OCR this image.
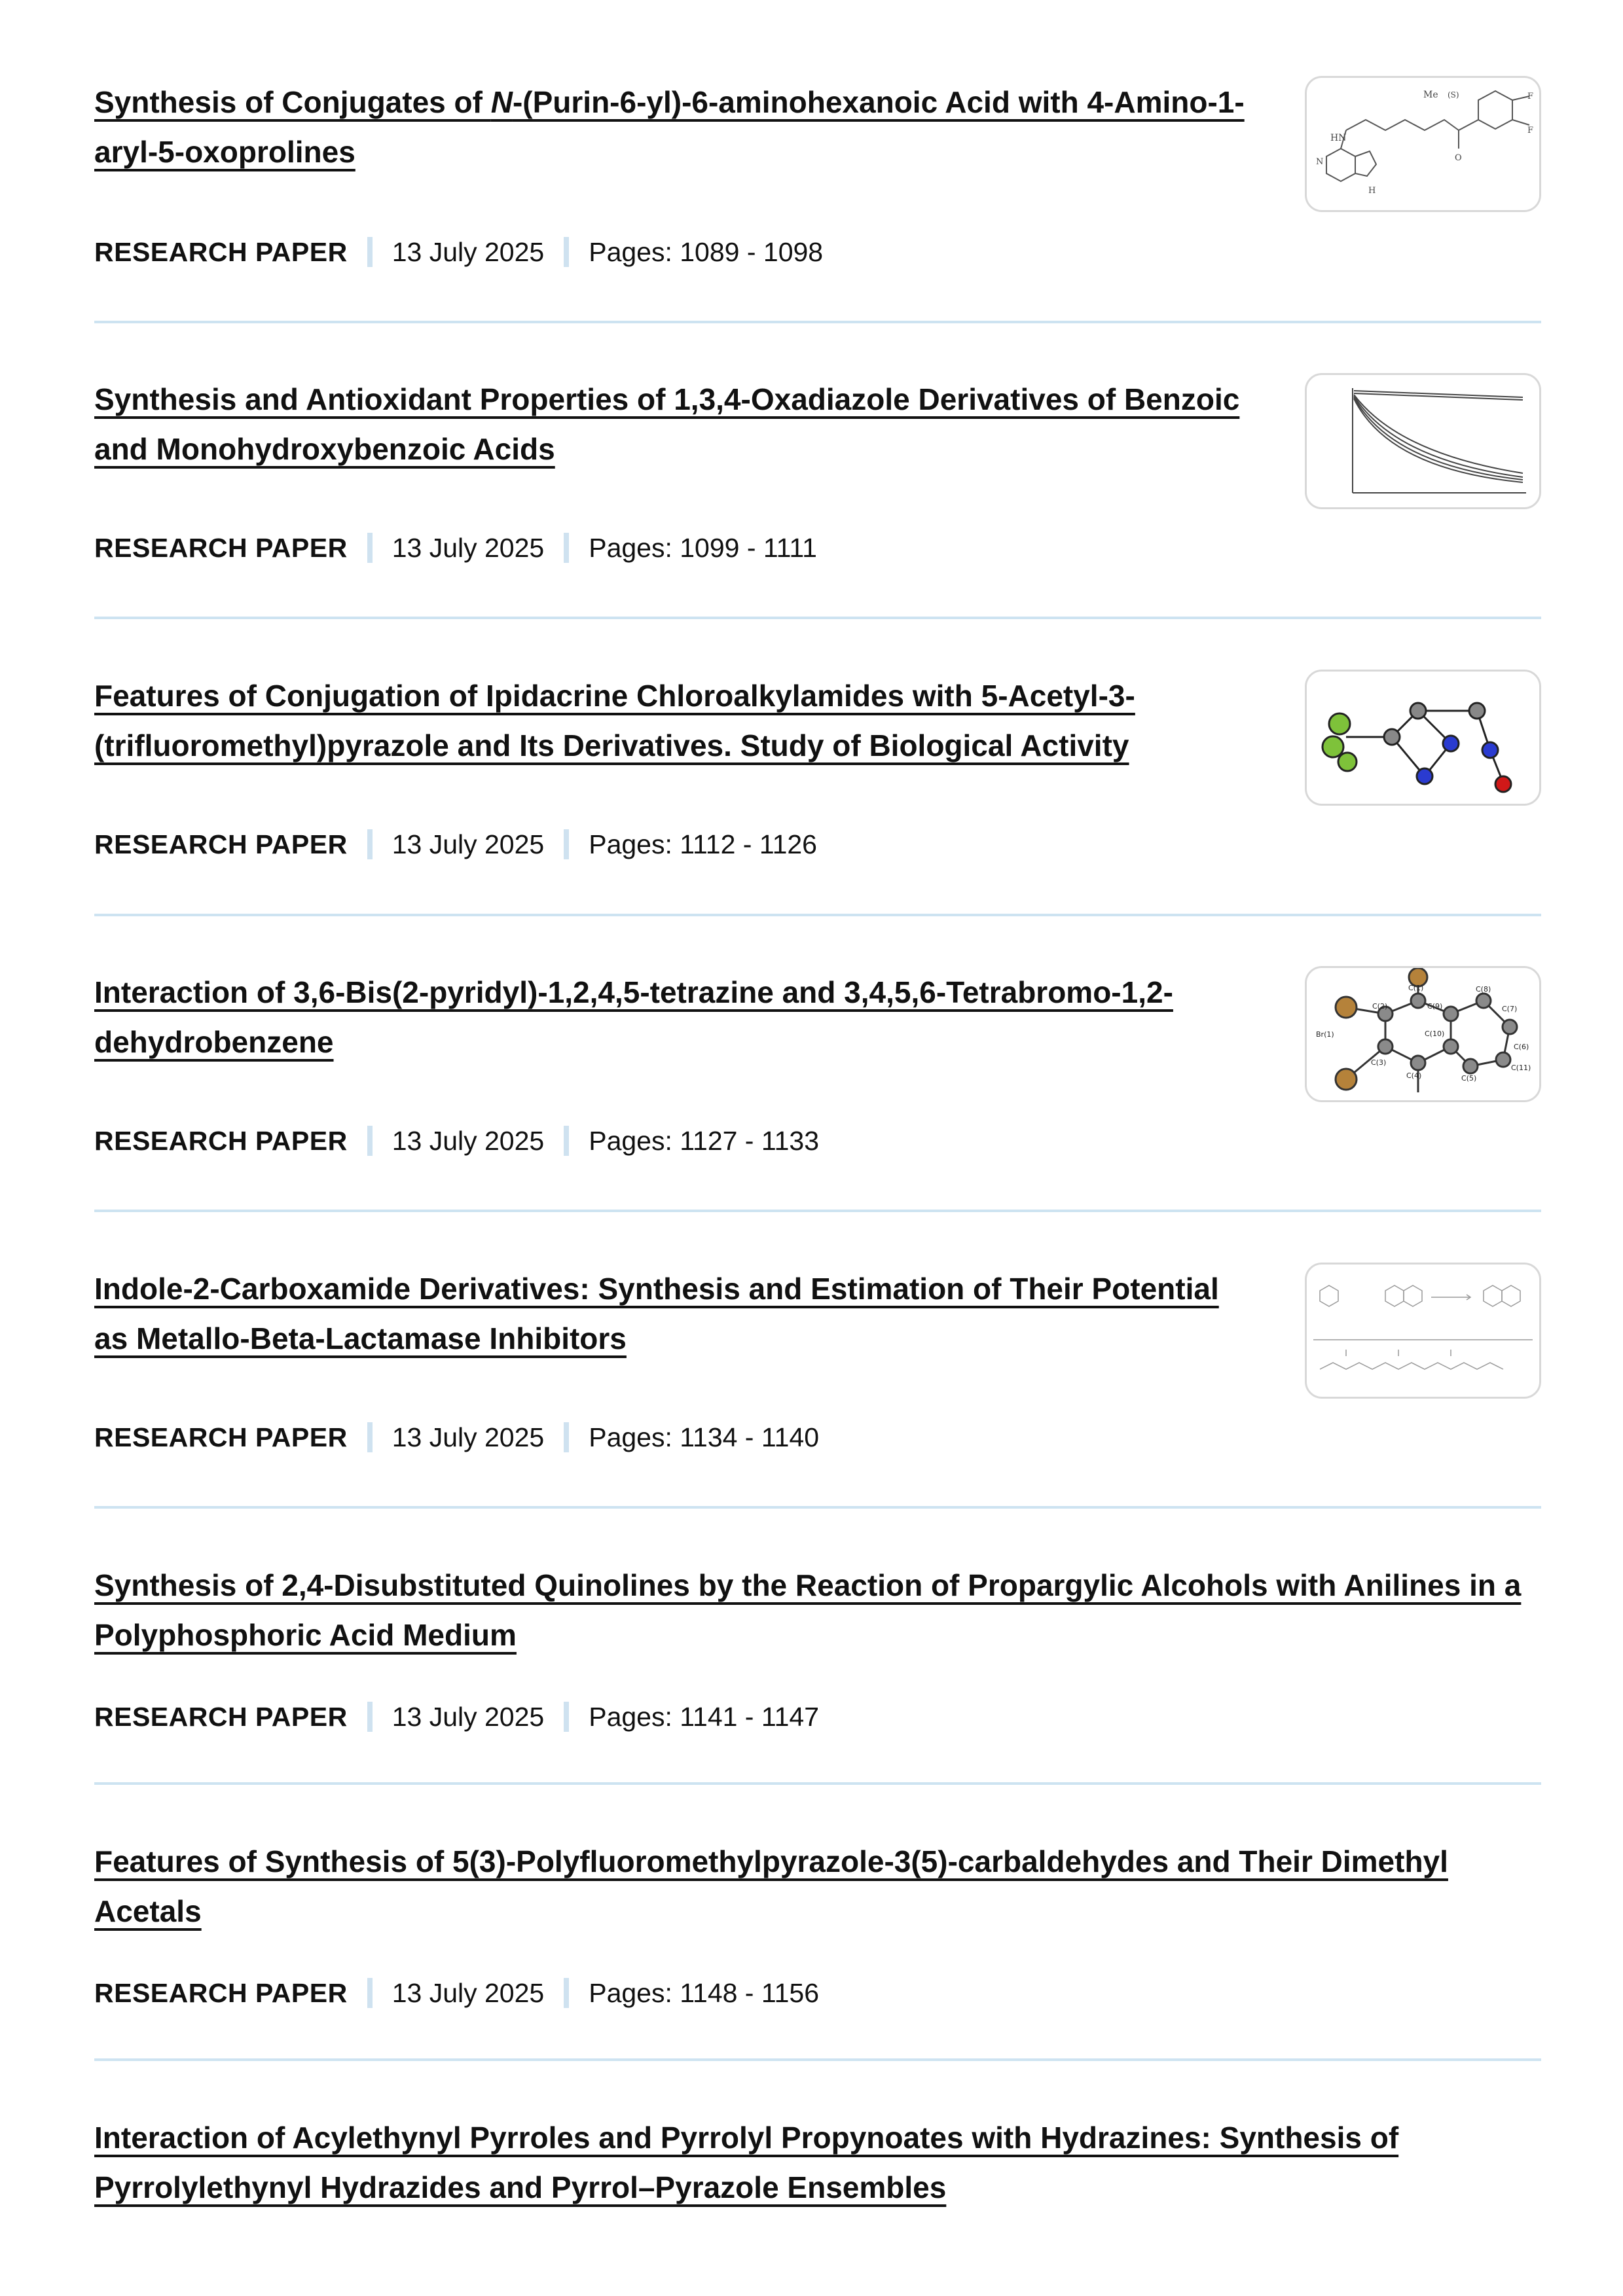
Synthesis of Conjugates of N-(Purin-6-yl)-6-aminohexanoic Acid with 4-Amino-1-aryl-5-oxoprolines
RESEARCH PAPER 13 July 2025 Pages: 1089 - 1098
Me (S)
HN
F
F
H
N	O
Synthesis and Antioxidant Properties of 1,3,4-Oxadiazole Derivatives of Benzoic and Monohydroxybenzoic Acids
RESEARCH PAPER 13 July 2025 Pages: 1099 - 1111
Features of Conjugation of Ipidacrine Chloroalkylamides with 5-Acetyl-3-(trifluoromethyl)pyrazole and Its Derivatives. Study of Biological Activity
RESEARCH PAPER 13 July 2025 Pages: 1112 - 1126
Interaction of 3,6-Bis(2-pyridyl)-1,2,4,5-tetrazine and 3,4,5,6-Tetrabromo-1,2-dehydrobenzene
RESEARCH PAPER 13 July 2025 Pages: 1127 - 1133
Br(1)
C(1)
C(2)
C(3)
C(4)
C(9)
C(10)
C(8)
C(7)
C(6)
C(5)
C(11)
Indole-2-Carboxamide Derivatives: Synthesis and Estimation of Their Potential as Metallo-Beta-Lactamase Inhibitors
RESEARCH PAPER 13 July 2025 Pages: 1134 - 1140
Synthesis of 2,4-Disubstituted Quinolines by the Reaction of Propargylic Alcohols with Anilines in a Polyphosphoric Acid Medium
RESEARCH PAPER 13 July 2025 Pages: 1141 - 1147
Features of Synthesis of 5(3)-Polyfluoromethylpyrazole-3(5)-carbaldehydes and Their Dimethyl Acetals
RESEARCH PAPER 13 July 2025 Pages: 1148 - 1156
Interaction of Acylethynyl Pyrroles and Pyrrolyl Propynoates with Hydrazines: Synthesis of Pyrrolylethynyl Hydrazides and Pyrrol–Pyrazole Ensembles
